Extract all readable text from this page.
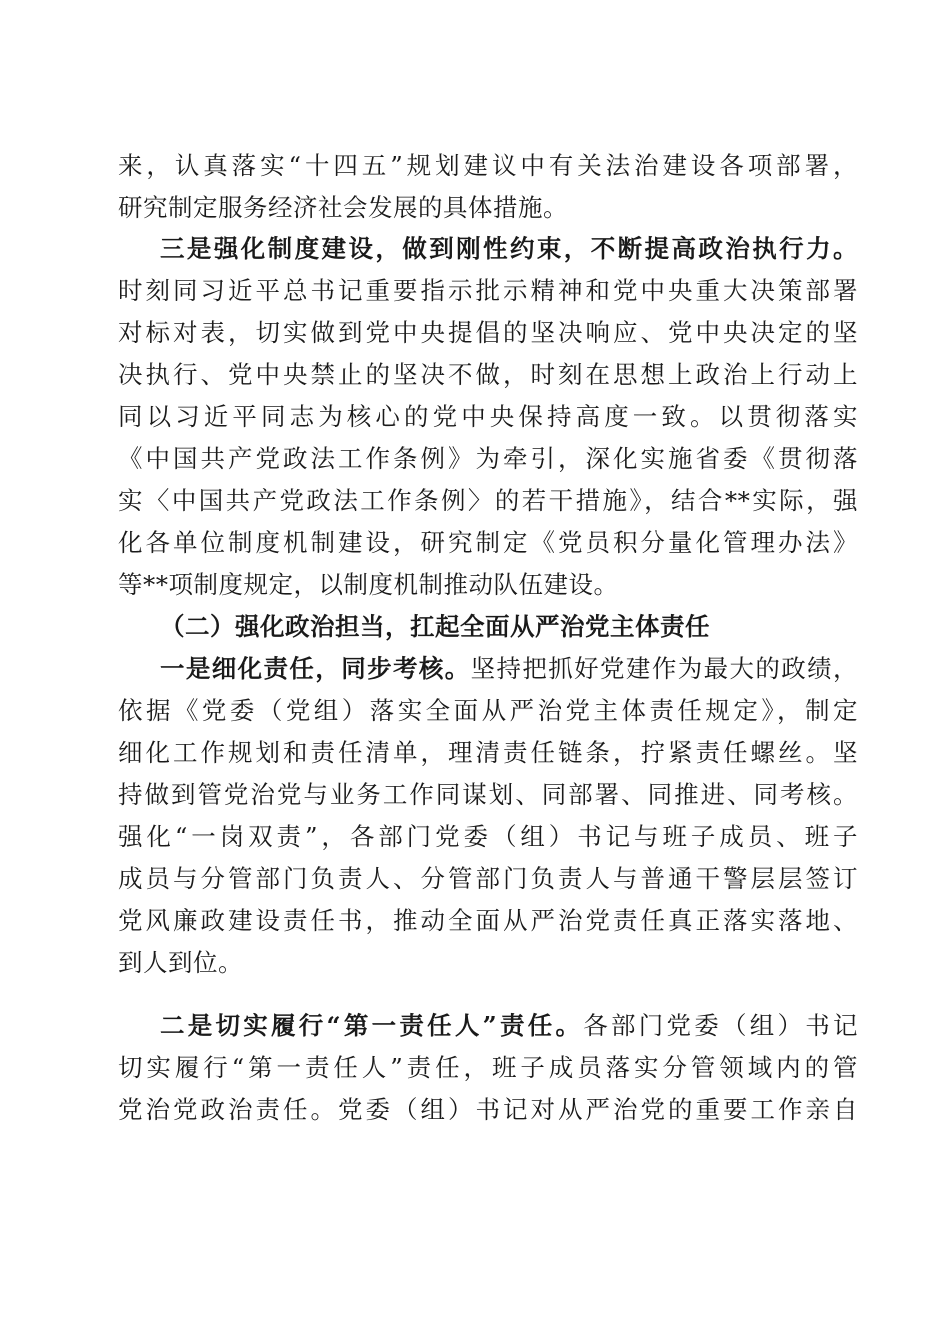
来，认真落实“十四五”规划建议中有关法治建设各项部署，
研究制定服务经济社会发展的具体措施。
三是强化制度建设，做到刚性约束，不断提高政治执行力。
时刻同习近平总书记重要指示批示精神和党中央重大决策部署
对标对表，切实做到党中央提倡的坚决响应、党中央决定的坚
决执行、党中央禁止的坚决不做，时刻在思想上政治上行动上
同以习近平同志为核心的党中央保持高度一致。以贯彻落实
《中国共产党政法工作条例》为牵引，深化实施省委《贯彻落
实〈中国共产党政法工作条例〉的若干措施》，结合**实际，强
化各单位制度机制建设，研究制定《党员积分量化管理办法》
等**项制度规定，以制度机制推动队伍建设。
（二）强化政治担当，扛起全面从严治党主体责任
一是细化责任，同步考核。坚持把抓好党建作为最大的政绩，
依据《党委（党组）落实全面从严治党主体责任规定》，制定
细化工作规划和责任清单，理清责任链条，拧紧责任螺丝。坚
持做到管党治党与业务工作同谋划、同部署、同推进、同考核。
强化“一岗双责”，各部门党委（组）书记与班子成员、班子
成员与分管部门负责人、分管部门负责人与普通干警层层签订
党风廉政建设责任书，推动全面从严治党责任真正落实落地、
到人到位。
二是切实履行“第一责任人”责任。各部门党委（组）书记
切实履行“第一责任人”责任，班子成员落实分管领域内的管
党治党政治责任。党委（组）书记对从严治党的重要工作亲自
